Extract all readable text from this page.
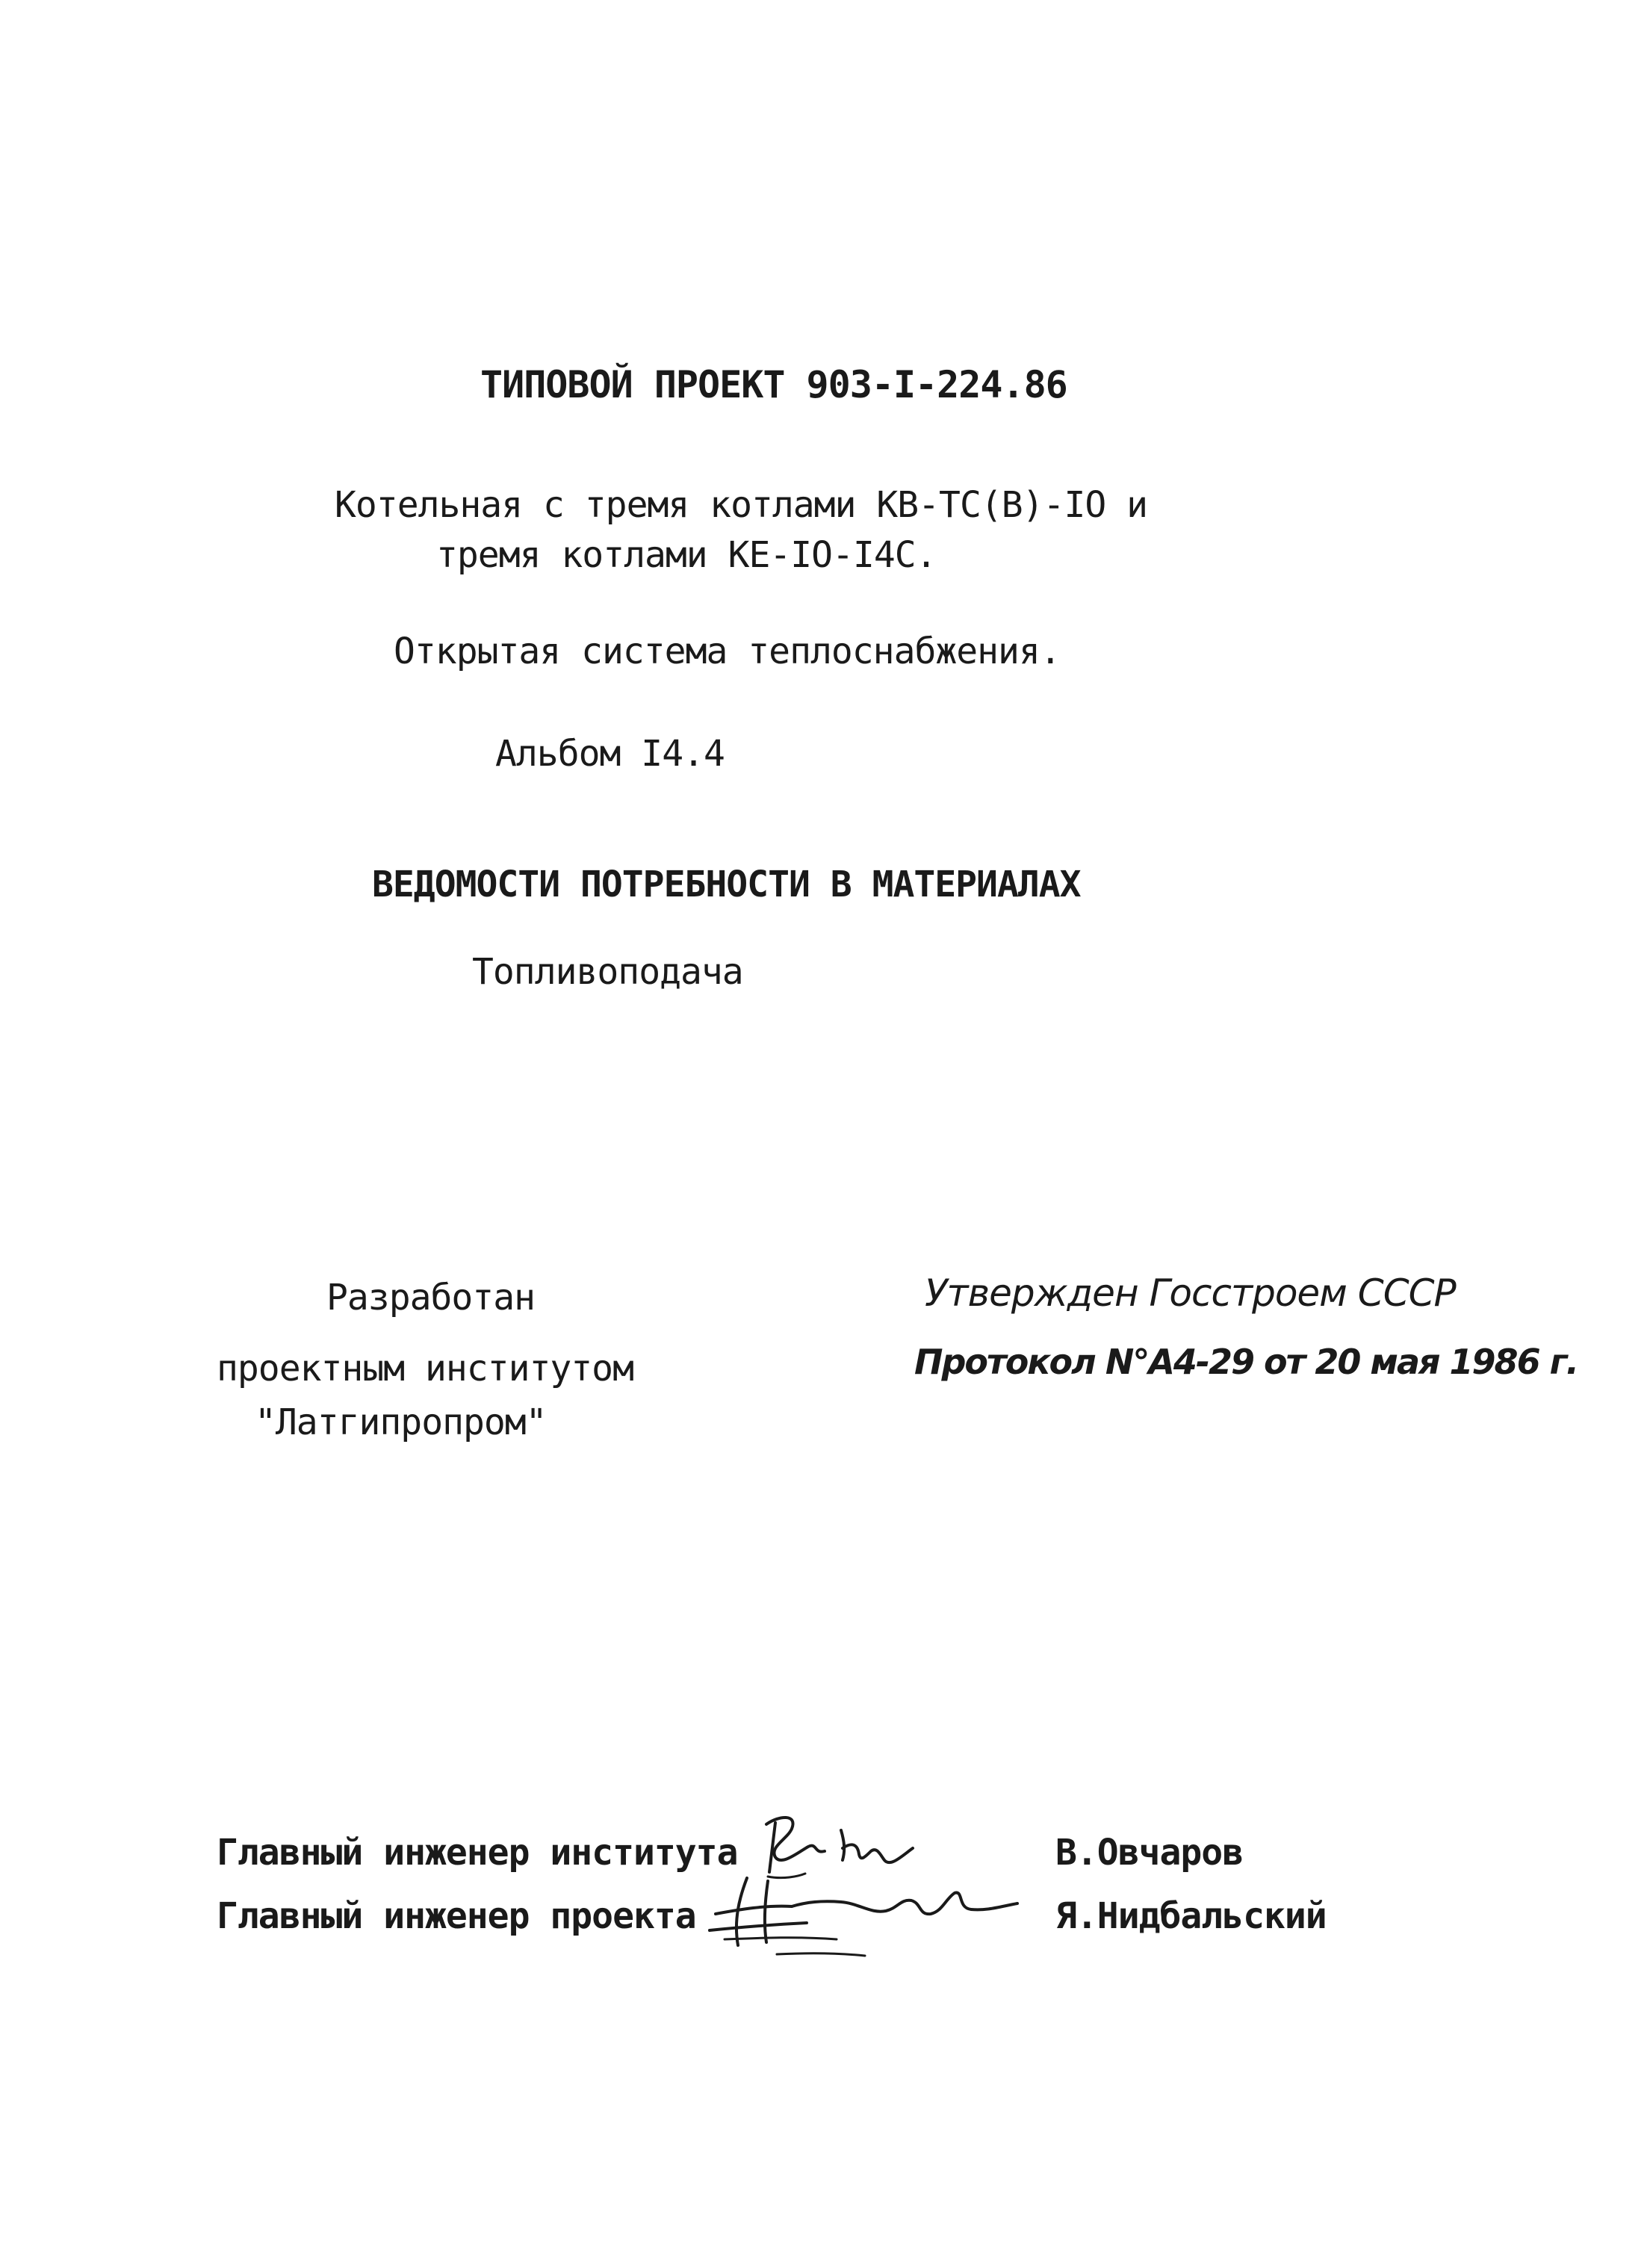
ТИПОВОЙ ПРОЕКТ 903-I-224.86
Котельная с тремя котлами КВ-ТС(В)-IО и
тремя котлами КЕ-IО-I4С.
Открытая система теплоснабжения.
Альбом I4.4
ВЕДОМОСТИ ПОТРЕБНОСТИ В МАТЕРИАЛАХ
Топливоподача
Разработан
проектным институтом
"Латгипропром"
Утвержден Госстроем СССР
Протокол N°А4-29 от 20 мая 1986 г.
Главный инженер института	В.Овчаров
Главный инженер проекта	Я.Нидбальский
